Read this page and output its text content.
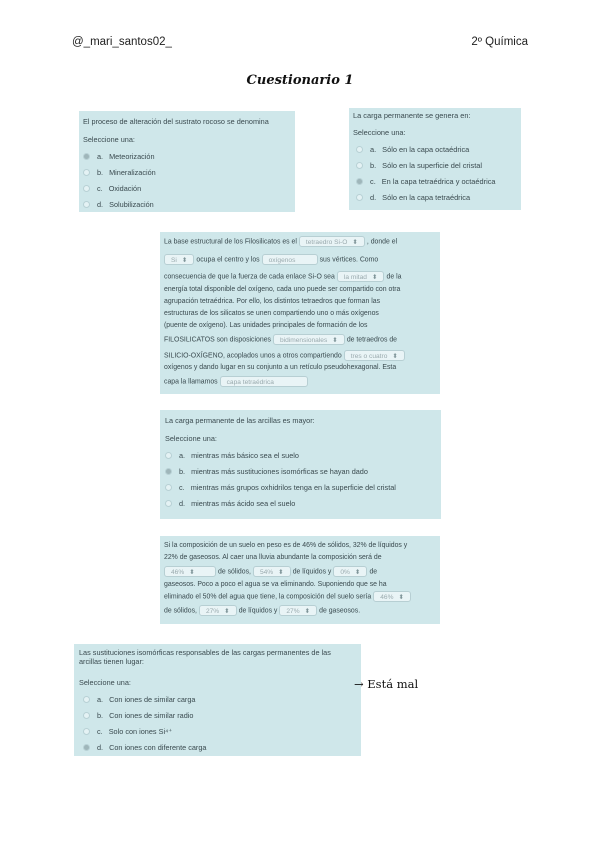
@_mari_santos02_	2º Química
Cuestionario 1
El proceso de alteración del sustrato rocoso se denomina
Seleccione una:
a. Meteorización
b. Mineralización
c. Oxidación
d. Solubilización
La carga permanente se genera en:
Seleccione una:
a. Sólo en la capa octaédrica
b. Sólo en la superficie del cristal
c. En la capa tetraédrica y octaédrica
d. Sólo en la capa tetraédrica
La base estructural de los Filosilicatos es el tetraedro Si-O ⬍ , donde el
Si ⬍ ocupa el centro y los oxígenos	sus vértices. Como
consecuencia de que la fuerza de cada enlace Si-O sea la mitad ⬍ de la
energía total disponible del oxígeno, cada uno puede ser compartido con otra
agrupación tetraédrica. Por ello, los distintos tetraedros que forman las
estructuras de los silicatos se unen compartiendo uno o más oxígenos
(puente de oxígeno). Las unidades principales de formación de los
FILOSILICATOS son disposiciones bidimensionales ⬍ de tetraedros de
SILICIO-OXÍGENO, acoplados unos a otros compartiendo tres o cuatro ⬍
oxígenos y dando lugar en su conjunto a un retículo pseudohexagonal. Esta
capa la llamamos capa tetraédrica
La carga permanente de las arcillas es mayor:
Seleccione una:
a. mientras más básico sea el suelo
b. mientras más sustituciones isomórficas se hayan dado
c. mientras más grupos oxhidrilos tenga en la superficie del cristal
d. mientras más ácido sea el suelo
Si la composición de un suelo en peso es de 46% de sólidos, 32% de líquidos y
22% de gaseosos. Al caer una lluvia abundante la composición será de
46% ⬍	de sólidos, 54% ⬍ de líquidos y 0% ⬍ de
gaseosos. Poco a poco el agua se va eliminando. Suponiendo que se ha
eliminado el 50% del agua que tiene, la composición del suelo sería 46% ⬍
de sólidos, 27% ⬍ de líquidos y 27% ⬍ de gaseosos.
Las sustituciones isomórficas responsables de las cargas permanentes de las arcillas tienen lugar:
Seleccione una:
a. Con iones de similar carga
b. Con iones de similar radio
c. Solo con iones Si⁴⁺
d. Con iones con diferente carga
→ Está mal
